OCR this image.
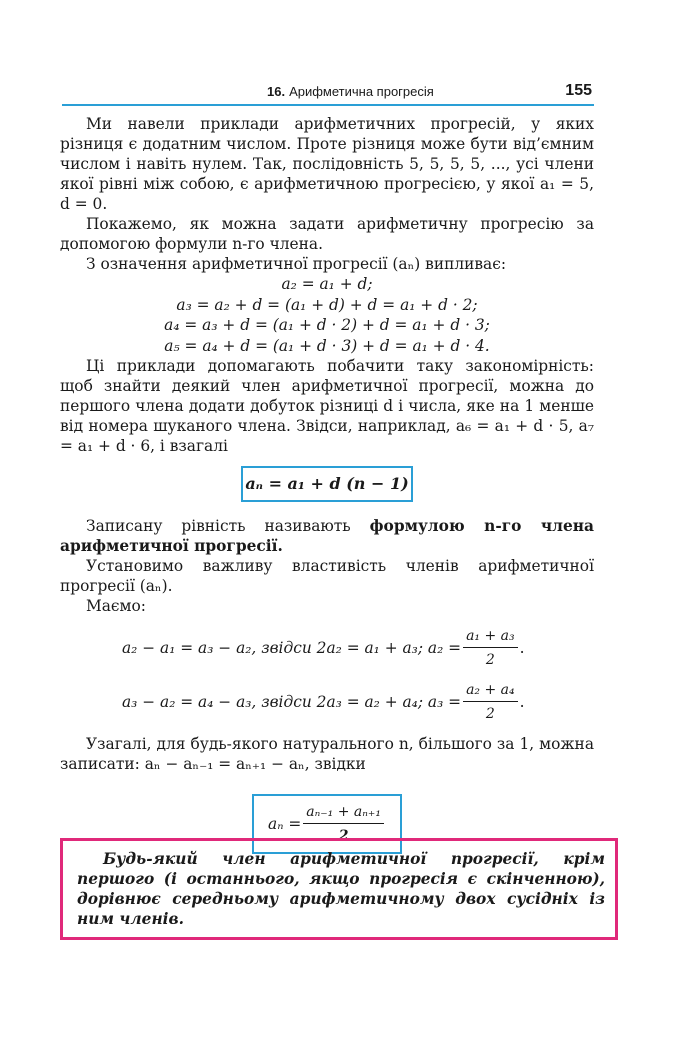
16. Арифметична прогресія	155

Ми навели приклади арифметичних прогресій, у яких різниця є додатним числом. Проте різниця може бути від’ємним числом і навіть нулем. Так, послідовність 5, 5, 5, 5, ..., усі члени якої рівні між собою, є арифметичною прогресією, у якої a₁ = 5, d = 0.

Покажемо, як можна задати арифметичну прогресію за допомогою формули n-го члена.

З означення арифметичної прогресії (aₙ) випливає:

a₂ = a₁ + d;

a₃ = a₂ + d = (a₁ + d) + d = a₁ + d · 2;

a₄ = a₃ + d = (a₁ + d · 2) + d = a₁ + d · 3;

a₅ = a₄ + d = (a₁ + d · 3) + d = a₁ + d · 4.

Ці приклади допомагають побачити таку закономірність: щоб знайти деякий член арифметичної прогресії, можна до першого члена додати добуток різниці d і числа, яке на 1 менше від номера шуканого члена. Звідси, наприклад, a₆ = a₁ + d · 5, a₇ = a₁ + d · 6, і взагалі

aₙ = a₁ + d (n − 1)

Записану рівність називають формулою n-го члена арифметичної прогресії.

Установимо важливу властивість членів арифметичної прогресії (aₙ).

Маємо:

a₂ − a₁ = a₃ − a₂, звідси 2a₂ = a₁ + a₃; $a_2 = \frac{\text{a₁ + a₃}}{2}$ .
a₃ − a₂ = a₄ − a₃, звідси 2a₃ = a₂ + a₄; $a_3 = \frac{\text{a₂ + a₄}}{2}$ .

Узагалі, для будь-якого натурального n, більшого за 1, можна записати: aₙ − aₙ₋₁ = aₙ₊₁ − aₙ, звідки

$a_n = \frac{\text{aₙ₋₁ + aₙ₊₁}}{2}$

Будь-який член арифметичної прогресії, крім першого (і останнього, якщо прогресія є скінченною), дорівнює середньому арифметичному двох сусідніх із ним членів.
